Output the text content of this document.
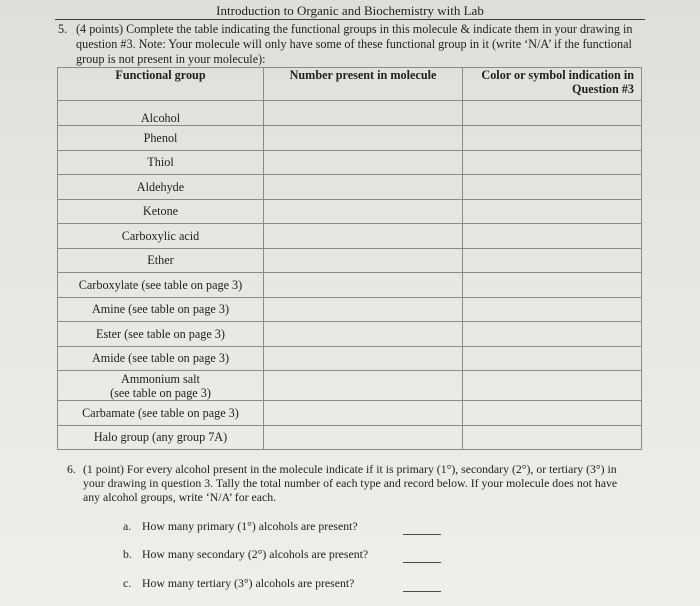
Introduction to Organic and Biochemistry with Lab
5. (4 points) Complete the table indicating the functional groups in this molecule & indicate them in your drawing in question #3. Note: Your molecule will only have some of these functional group in it (write ‘N/A’ if the functional group is not present in your molecule):
Functional group	Number present in molecule	Color or symbol indication in
Question #3
Alcohol		
Phenol		
Thiol		
Aldehyde		
Ketone		
Carboxylic acid		
Ether		
Carboxylate (see table on page 3)		
Amine (see table on page 3)		
Ester (see table on page 3)		
Amide (see table on page 3)		
Ammonium salt
(see table on page 3)		
Carbamate (see table on page 3)		
Halo group (any group 7A)		
6. (1 point) For every alcohol present in the molecule indicate if it is primary (1°), secondary (2°), or tertiary (3°) in your drawing in question 3. Tally the total number of each type and record below. If your molecule does not have any alcohol groups, write ‘N/A’ for each.
a. How many primary (1°) alcohols are present?
b. How many secondary (2°) alcohols are present?
c. How many tertiary (3°) alcohols are present?
